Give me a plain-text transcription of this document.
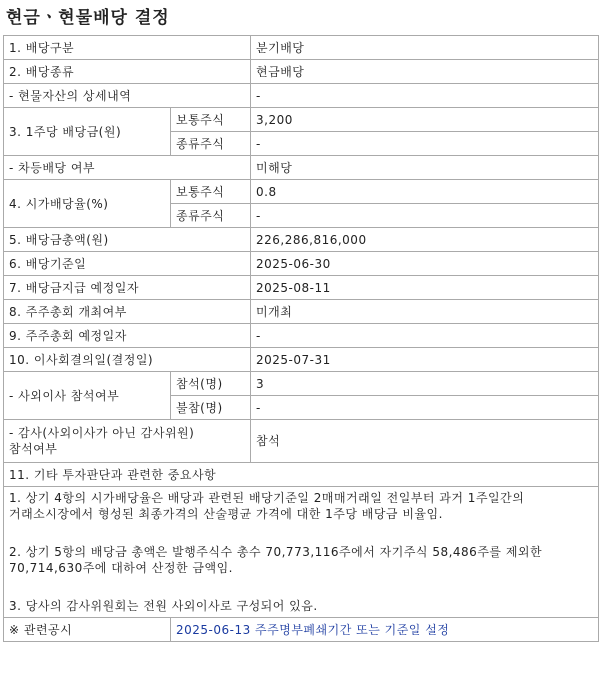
현금ㆍ현물배당 결정
1. 배당구분		분기배당
2. 배당종류		현금배당
- 현물자산의 상세내역		-
3. 1주당 배당금(원)	보통주식	3,200
	종류주식	-
- 차등배당 여부		미해당
4. 시가배당율(%)	보통주식	0.8
	종류주식	-
5. 배당금총액(원)		226,286,816,000
6. 배당기준일		2025-06-30
7. 배당금지급 예정일자		2025-08-11
8. 주주총회 개최여부		미개최
9. 주주총회 예정일자		-
10. 이사회결의일(결정일)		2025-07-31
- 사외이사 참석여부	참석(명)	3
	불참(명)	-
- 감사(사외이사가 아닌 감사위원) 참석여부		참석
11. 기타 투자판단과 관련한 중요사항		

1. 상기 4항의 시가배당율은 배당과 관련된 배당기준일 2매매거래일 전일부터 과거 1주일간의 거래소시장에서 형성된 최종가격의 산술평균 가격에 대한 1주당 배당금 비율임.
2. 상기 5항의 배당금 총액은 발행주식수 총수 70,773,116주에서 자기주식 58,486주를 제외한 70,714,630주에 대하여 산정한 금액임.
3. 당사의 감사위원회는 전원 사외이사로 구성되어 있음.		

※ 관련공시	2025-06-13 주주명부폐쇄기간 또는 기준일 설정	
